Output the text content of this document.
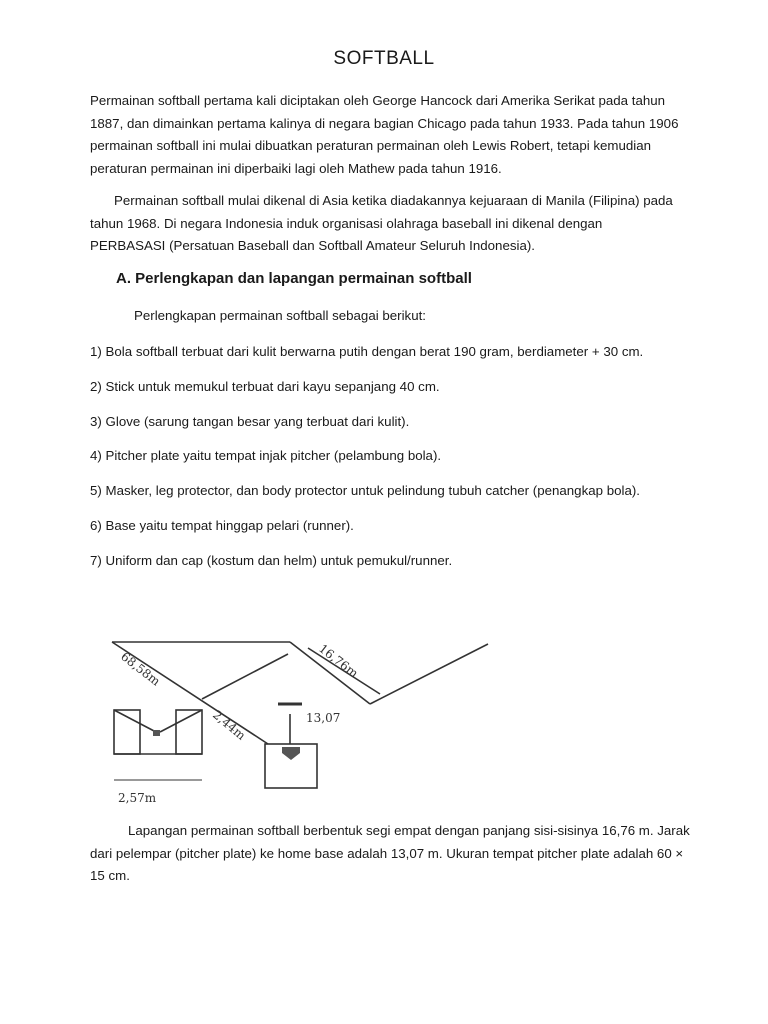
SOFTBALL

Permainan softball pertama kali diciptakan oleh George Hancock dari Amerika Serikat pada tahun 1887, dan dimainkan pertama kalinya di negara bagian Chicago pada tahun 1933. Pada tahun 1906 permainan softball ini mulai dibuatkan peraturan permainan oleh Lewis Robert, tetapi kemudian peraturan permainan ini diperbaiki lagi oleh Mathew pada tahun 1916.

Permainan softball mulai dikenal di Asia ketika diadakannya kejuaraan di Manila (Filipina) pada tahun 1968. Di negara Indonesia induk organisasi olahraga baseball ini dikenal dengan PERBASASI (Persatuan Baseball dan Softball Amateur Seluruh Indonesia).

A. Perlengkapan dan lapangan permainan softball

Perlengkapan permainan softball sebagai berikut:

1) Bola softball terbuat dari kulit berwarna putih dengan berat 190 gram, berdiameter + 30 cm.
2) Stick untuk memukul terbuat dari kayu sepanjang 40 cm.
3) Glove (sarung tangan besar yang terbuat dari kulit).
4) Pitcher plate yaitu tempat injak pitcher (pelambung bola).
5) Masker, leg protector, dan body protector untuk pelindung tubuh catcher (penangkap bola).
6) Base yaitu tempat hinggap pelari (runner).
7) Uniform dan cap (kostum dan helm) untuk pemukul/runner.
16,76m
68,58m
13,07
2,44m
2,57m

Lapangan permainan softball berbentuk segi empat dengan panjang sisi-sisinya 16,76 m. Jarak dari pelempar (pitcher plate) ke home base adalah 13,07 m. Ukuran tempat pitcher plate adalah 60 × 15 cm.
